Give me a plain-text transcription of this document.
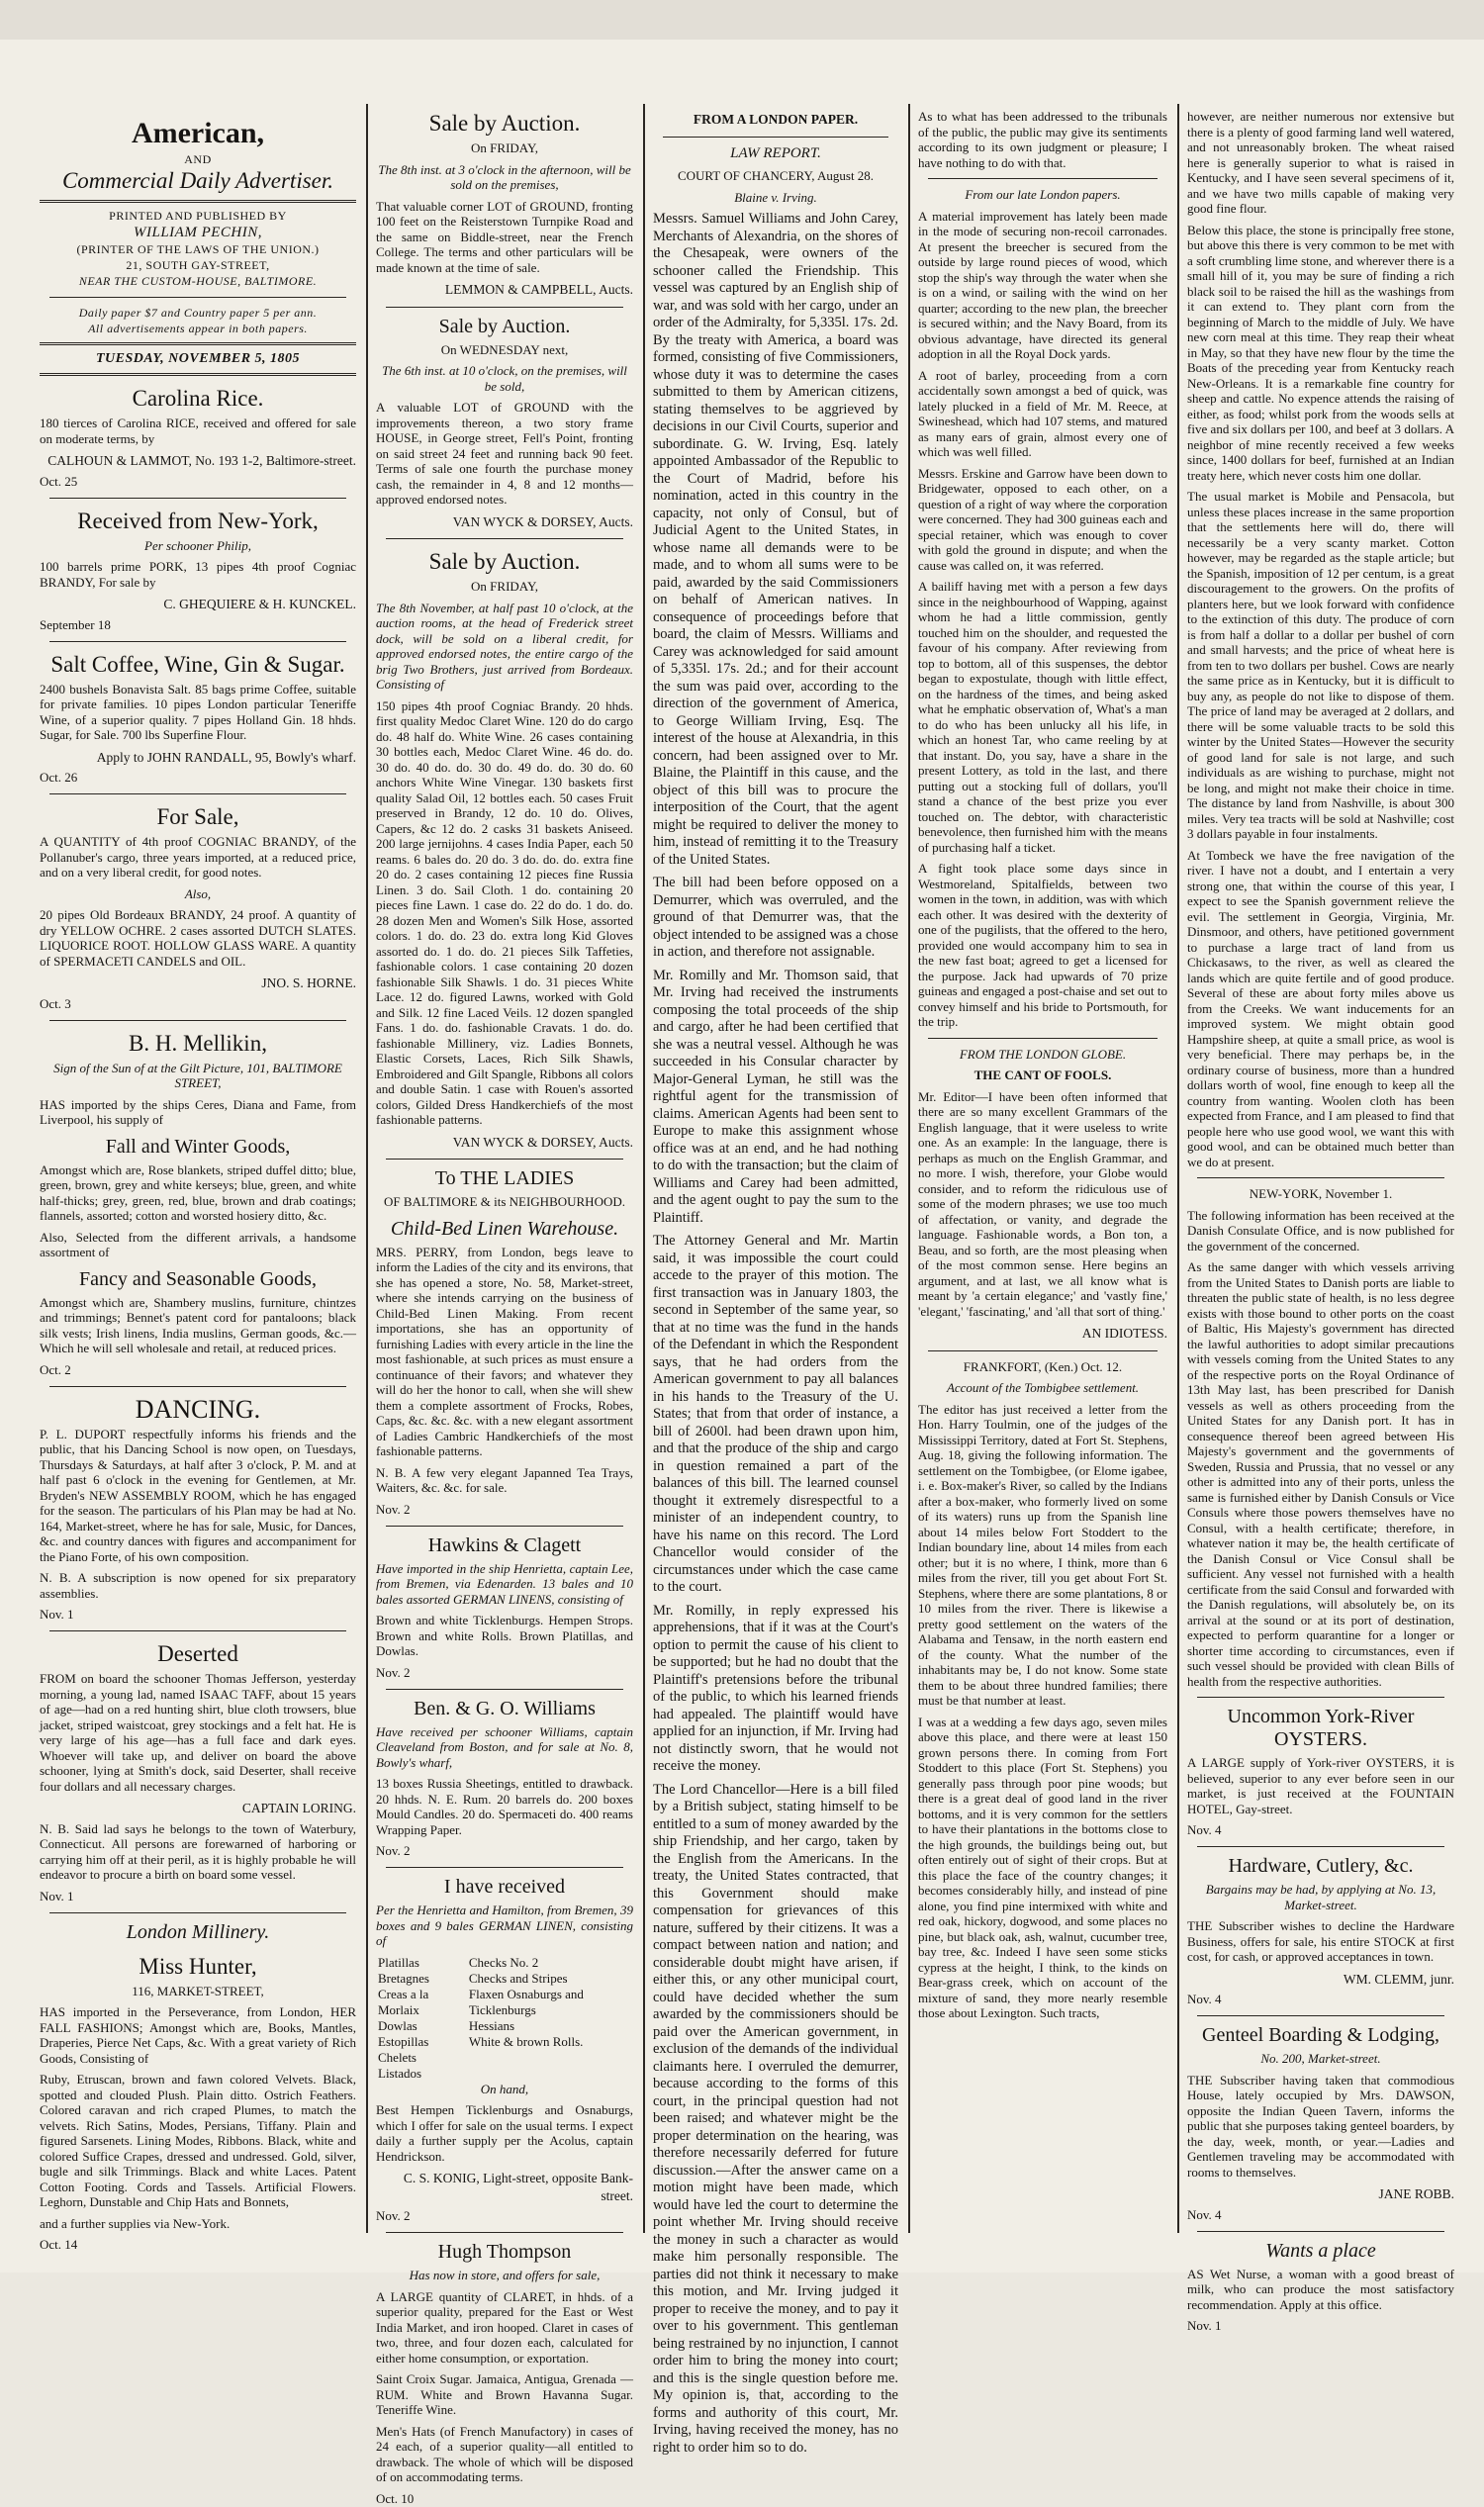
American,
AND
Commercial Daily Advertiser.
PRINTED AND PUBLISHED BY
WILLIAM PECHIN,
(PRINTER OF THE LAWS OF THE UNION.)
21, SOUTH GAY-STREET,
NEAR THE CUSTOM-HOUSE, BALTIMORE.
Daily paper $7 and Country paper 5 per ann.
All advertisements appear in both papers.
TUESDAY, NOVEMBER 5, 1805
Carolina Rice.

180 tierces of Carolina RICE, received and offered for sale on moderate terms, by

CALHOUN & LAMMOT, No. 193 1-2, Baltimore-street.

Oct. 25
Received from New-York,

Per schooner Philip,

100 barrels prime PORK, 13 pipes 4th proof Cogniac BRANDY, For sale by

C. GHEQUIERE & H. KUNCKEL.

September 18
Salt Coffee, Wine, Gin & Sugar.

2400 bushels Bonavista Salt. 85 bags prime Coffee, suitable for private families. 10 pipes London particular Teneriffe Wine, of a superior quality. 7 pipes Holland Gin. 18 hhds. Sugar, for Sale. 700 lbs Superfine Flour.

Apply to JOHN RANDALL, 95, Bowly's wharf.

Oct. 26
For Sale,

A QUANTITY of 4th proof COGNIAC BRANDY, of the Pollanuber's cargo, three years imported, at a reduced price, and on a very liberal credit, for good notes.

Also,

20 pipes Old Bordeaux BRANDY, 24 proof. A quantity of dry YELLOW OCHRE. 2 cases assorted DUTCH SLATES. LIQUORICE ROOT. HOLLOW GLASS WARE. A quantity of SPERMACETI CANDELS and OIL.

JNO. S. HORNE.

Oct. 3
B. H. Mellikin,

Sign of the Sun of at the Gilt Picture, 101, BALTIMORE STREET,

HAS imported by the ships Ceres, Diana and Fame, from Liverpool, his supply of

Fall and Winter Goods,

Amongst which are, Rose blankets, striped duffel ditto; blue, green, brown, grey and white kerseys; blue, green, and white half-thicks; grey, green, red, blue, brown and drab coatings; flannels, assorted; cotton and worsted hosiery ditto, &c.

Also, Selected from the different arrivals, a handsome assortment of

Fancy and Seasonable Goods,

Amongst which are, Shambery muslins, furniture, chintzes and trimmings; Bennet's patent cord for pantaloons; black silk vests; Irish linens, India muslins, German goods, &c.—Which he will sell wholesale and retail, at reduced prices.

Oct. 2
DANCING.

P. L. DUPORT respectfully informs his friends and the public, that his Dancing School is now open, on Tuesdays, Thursdays & Saturdays, at half after 3 o'clock, P. M. and at half past 6 o'clock in the evening for Gentlemen, at Mr. Bryden's NEW ASSEMBLY ROOM, which he has engaged for the season. The particulars of his Plan may be had at No. 164, Market-street, where he has for sale, Music, for Dances, &c. and country dances with figures and accompaniment for the Piano Forte, of his own composition.

N. B. A subscription is now opened for six preparatory assemblies.

Nov. 1
Deserted

FROM on board the schooner Thomas Jefferson, yesterday morning, a young lad, named ISAAC TAFF, about 15 years of age—had on a red hunting shirt, blue cloth trowsers, blue jacket, striped waistcoat, grey stockings and a felt hat. He is very large of his age—has a full face and dark eyes. Whoever will take up, and deliver on board the above schooner, lying at Smith's dock, said Deserter, shall receive four dollars and all necessary charges.

CAPTAIN LORING.

N. B. Said lad says he belongs to the town of Waterbury, Connecticut. All persons are forewarned of harboring or carrying him off at their peril, as it is highly probable he will endeavor to procure a birth on board some vessel.

Nov. 1
London Millinery.
Miss Hunter,

116, MARKET-STREET,

HAS imported in the Perseverance, from London, HER FALL FASHIONS; Amongst which are, Books, Mantles, Draperies, Pierce Net Caps, &c. With a great variety of Rich Goods, Consisting of

Ruby, Etruscan, brown and fawn colored Velvets. Black, spotted and clouded Plush. Plain ditto. Ostrich Feathers. Colored caravan and rich craped Plumes, to match the velvets. Rich Satins, Modes, Persians, Tiffany. Plain and figured Sarsenets. Lining Modes, Ribbons. Black, white and colored Suffice Crapes, dressed and undressed. Gold, silver, bugle and silk Trimmings. Black and white Laces. Patent Cotton Footing. Cords and Tassels. Artificial Flowers. Leghorn, Dunstable and Chip Hats and Bonnets,

and a further supplies via New-York.

Oct. 14
Sale by Auction.

On FRIDAY,

The 8th inst. at 3 o'clock in the afternoon, will be sold on the premises,

That valuable corner LOT of GROUND, fronting 100 feet on the Reisterstown Turnpike Road and the same on Biddle-street, near the French College. The terms and other particulars will be made known at the time of sale.

LEMMON & CAMPBELL, Aucts.

Sale by Auction.

On WEDNESDAY next,

The 6th inst. at 10 o'clock, on the premises, will be sold,

A valuable LOT of GROUND with the improvements thereon, a two story frame HOUSE, in George street, Fell's Point, fronting on said street 24 feet and running back 90 feet. Terms of sale one fourth the purchase money cash, the remainder in 4, 8 and 12 months—approved endorsed notes.

VAN WYCK & DORSEY, Aucts.

Sale by Auction.

On FRIDAY,

The 8th November, at half past 10 o'clock, at the auction rooms, at the head of Frederick street dock, will be sold on a liberal credit, for approved endorsed notes, the entire cargo of the brig Two Brothers, just arrived from Bordeaux. Consisting of

150 pipes 4th proof Cogniac Brandy. 20 hhds. first quality Medoc Claret Wine. 120 do do cargo do. 48 half do. White Wine. 26 cases containing 30 bottles each, Medoc Claret Wine. 46 do. do. 30 do. 40 do. do. 30 do. 49 do. do. 30 do. 60 anchors White Wine Vinegar. 130 baskets first quality Salad Oil, 12 bottles each. 50 cases Fruit preserved in Brandy, 12 do. 10 do. Olives, Capers, &c 12 do. 2 casks 31 baskets Aniseed. 200 large jernijohns. 4 cases India Paper, each 50 reams. 6 bales do. 20 do. 3 do. do. do. extra fine 20 do. 2 cases containing 12 pieces fine Russia Linen. 3 do. Sail Cloth. 1 do. containing 20 pieces fine Lawn. 1 case do. 22 do do. 1 do. do. 28 dozen Men and Women's Silk Hose, assorted colors. 1 do. do. 23 do. extra long Kid Gloves assorted do. 1 do. do. 21 pieces Silk Taffeties, fashionable colors. 1 case containing 20 dozen fashionable Silk Shawls. 1 do. 31 pieces White Lace. 12 do. figured Lawns, worked with Gold and Silk. 12 fine Laced Veils. 12 dozen spangled Fans. 1 do. do. fashionable Cravats. 1 do. do. fashionable Millinery, viz. Ladies Bonnets, Elastic Corsets, Laces, Rich Silk Shawls, Embroidered and Gilt Spangle, Ribbons all colors and double Satin. 1 case with Rouen's assorted colors, Gilded Dress Handkerchiefs of the most fashionable patterns.

VAN WYCK & DORSEY, Aucts.

To THE LADIES

OF BALTIMORE & its NEIGHBOURHOOD.

Child-Bed Linen Warehouse.

MRS. PERRY, from London, begs leave to inform the Ladies of the city and its environs, that she has opened a store, No. 58, Market-street, where she intends carrying on the business of Child-Bed Linen Making. From recent importations, she has an opportunity of furnishing Ladies with every article in the line the most fashionable, at such prices as must ensure a continuance of their favors; and whatever they will do her the honor to call, when she will shew them a complete assortment of Frocks, Robes, Caps, &c. &c. &c. with a new elegant assortment of Ladies Cambric Handkerchiefs of the most fashionable patterns.

N. B. A few very elegant Japanned Tea Trays, Waiters, &c. &c. for sale.

Nov. 2
Hawkins & Clagett

Have imported in the ship Henrietta, captain Lee, from Bremen, via Edenarden. 13 bales and 10 bales assorted GERMAN LINENS, consisting of

Brown and white Ticklenburgs. Hempen Strops. Brown and white Rolls. Brown Platillas, and Dowlas.

Nov. 2
Ben. & G. O. Williams

Have received per schooner Williams, captain Cleaveland from Boston, and for sale at No. 8, Bowly's wharf,

13 boxes Russia Sheetings, entitled to drawback. 20 hhds. N. E. Rum. 20 barrels do. 200 boxes Mould Candles. 20 do. Spermaceti do. 400 reams Wrapping Paper.

Nov. 2
I have received

Per the Henrietta and Hamilton, from Bremen, 39 boxes and 9 bales GERMAN LINEN, consisting of

Platillas	Checks No. 2
Bretagnes	Checks and Stripes
Creas a la Morlaix	Flaxen Osnaburgs and Ticklenburgs
Dowlas	Hessians
Estopillas	White & brown Rolls.
Chelets	
Listados	

On hand,

Best Hempen Ticklenburgs and Osnaburgs, which I offer for sale on the usual terms. I expect daily a further supply per the Acolus, captain Hendrickson.

C. S. KONIG, Light-street, opposite Bank-street.

Nov. 2
Hugh Thompson

Has now in store, and offers for sale,

A LARGE quantity of CLARET, in hhds. of a superior quality, prepared for the East or West India Market, and iron hooped. Claret in cases of two, three, and four dozen each, calculated for either home consumption, or exportation.

Saint Croix Sugar. Jamaica, Antigua, Grenada — RUM. White and Brown Havanna Sugar. Teneriffe Wine.

Men's Hats (of French Manufactory) in cases of 24 each, of a superior quality—all entitled to drawback. The whole of which will be disposed of on accommodating terms.

Oct. 10

FROM A LONDON PAPER.

LAW REPORT.

COURT OF CHANCERY, August 28.

Blaine v. Irving.

Messrs. Samuel Williams and John Carey, Merchants of Alexandria, on the shores of the Chesapeak, were owners of the schooner called the Friendship. This vessel was captured by an English ship of war, and was sold with her cargo, under an order of the Admiralty, for 5,335l. 17s. 2d. By the treaty with America, a board was formed, consisting of five Commissioners, whose duty it was to determine the cases submitted to them by American citizens, stating themselves to be aggrieved by decisions in our Civil Courts, superior and subordinate. G. W. Irving, Esq. lately appointed Ambassador of the Republic to the Court of Madrid, before his nomination, acted in this country in the capacity, not only of Consul, but of Judicial Agent to the United States, in whose name all demands were to be made, and to whom all sums were to be paid, awarded by the said Commissioners on behalf of American natives. In consequence of proceedings before that board, the claim of Messrs. Williams and Carey was acknowledged for said amount of 5,335l. 17s. 2d.; and for their account the sum was paid over, according to the direction of the government of America, to George William Irving, Esq. The interest of the house at Alexandria, in this concern, had been assigned over to Mr. Blaine, the Plaintiff in this cause, and the object of this bill was to procure the interposition of the Court, that the agent might be required to deliver the money to him, instead of remitting it to the Treasury of the United States.

The bill had been before opposed on a Demurrer, which was overruled, and the ground of that Demurrer was, that the object intended to be assigned was a chose in action, and therefore not assignable.

Mr. Romilly and Mr. Thomson said, that Mr. Irving had received the instruments composing the total proceeds of the ship and cargo, after he had been certified that she was a neutral vessel. Although he was succeeded in his Consular character by Major-General Lyman, he still was the rightful agent for the transmission of claims. American Agents had been sent to Europe to make this assignment whose office was at an end, and he had nothing to do with the transaction; but the claim of Williams and Carey had been admitted, and the agent ought to pay the sum to the Plaintiff.

The Attorney General and Mr. Martin said, it was impossible the court could accede to the prayer of this motion. The first transaction was in January 1803, the second in September of the same year, so that at no time was the fund in the hands of the Defendant in which the Respondent says, that he had orders from the American government to pay all balances in his hands to the Treasury of the U. States; that from that order of instance, a bill of 2600l. had been drawn upon him, and that the produce of the ship and cargo in question remained a part of the balances of this bill. The learned counsel thought it extremely disrespectful to a minister of an independent country, to have his name on this record. The Lord Chancellor would consider of the circumstances under which the case came to the court.

Mr. Romilly, in reply expressed his apprehensions, that if it was at the Court's option to permit the cause of his client to be supported; but he had no doubt that the Plaintiff's pretensions before the tribunal of the public, to which his learned friends had appealed. The plaintiff would have applied for an injunction, if Mr. Irving had not distinctly sworn, that he would not receive the money.

The Lord Chancellor—Here is a bill filed by a British subject, stating himself to be entitled to a sum of money awarded by the ship Friendship, and her cargo, taken by the English from the Americans. In the treaty, the United States contracted, that this Government should make compensation for grievances of this nature, suffered by their citizens. It was a compact between nation and nation; and considerable doubt might have arisen, if either this, or any other municipal court, could have decided whether the sum awarded by the commissioners should be paid over the American government, in exclusion of the demands of the individual claimants here. I overruled the demurrer, because according to the forms of this court, in the principal question had not been raised; and whatever might be the proper determination on the hearing, was therefore necessarily deferred for future discussion.—After the answer came on a motion might have been made, which would have led the court to determine the point whether Mr. Irving should receive the money in such a character as would make him personally responsible. The parties did not think it necessary to make this motion, and Mr. Irving judged it proper to receive the money, and to pay it over to his government. This gentleman being restrained by no injunction, I cannot order him to bring the money into court; and this is the single question before me. My opinion is, that, according to the forms and authority of this court, Mr. Irving, having received the money, has no right to order him so to do.

As to what has been addressed to the tribunals of the public, the public may give its sentiments according to its own judgment or pleasure; I have nothing to do with that.

From our late London papers.

A material improvement has lately been made in the mode of securing non-recoil carronades. At present the breecher is secured from the outside by large round pieces of wood, which stop the ship's way through the water when she is on a wind, or sailing with the wind on her quarter; according to the new plan, the breecher is secured within; and the Navy Board, from its obvious advantage, have directed its general adoption in all the Royal Dock yards.

A root of barley, proceeding from a corn accidentally sown amongst a bed of quick, was lately plucked in a field of Mr. M. Reece, at Swineshead, which had 107 stems, and matured as many ears of grain, almost every one of which was well filled.

Messrs. Erskine and Garrow have been down to Bridgewater, opposed to each other, on a question of a right of way where the corporation were concerned. They had 300 guineas each and special retainer, which was enough to cover with gold the ground in dispute; and when the cause was called on, it was referred.

A bailiff having met with a person a few days since in the neighbourhood of Wapping, against whom he had a little commission, gently touched him on the shoulder, and requested the favour of his company. After reviewing from top to bottom, all of this suspenses, the debtor began to expostulate, though with little effect, on the hardness of the times, and being asked what he emphatic observation of, What's a man to do who has been unlucky all his life, in which an honest Tar, who came reeling by at that instant. Do, you say, have a share in the present Lottery, as told in the last, and there putting out a stocking full of dollars, you'll stand a chance of the best prize you ever touched on. The debtor, with characteristic benevolence, then furnished him with the means of purchasing half a ticket.

A fight took place some days since in Westmoreland, Spitalfields, between two women in the town, in addition, was with which each other. It was desired with the dexterity of one of the pugilists, that the offered to the hero, provided one would accompany him to sea in the new fast boat; agreed to get a licensed for the purpose. Jack had upwards of 70 prize guineas and engaged a post-chaise and set out to convey himself and his bride to Portsmouth, for the trip.

FROM THE LONDON GLOBE.

THE CANT OF FOOLS.

Mr. Editor—I have been often informed that there are so many excellent Grammars of the English language, that it were useless to write one. As an example: In the language, there is perhaps as much on the English Grammar, and no more. I wish, therefore, your Globe would consider, and to reform the ridiculous use of some of the modern phrases; we use too much of affectation, or vanity, and degrade the language. Fashionable words, a Bon ton, a Beau, and so forth, are the most pleasing when of the most common sense. Here begins an argument, and at last, we all know what is meant by 'a certain elegance;' and 'vastly fine,' 'elegant,' 'fascinating,' and 'all that sort of thing.'

AN IDIOTESS.

FRANKFORT, (Ken.) Oct. 12.

Account of the Tombigbee settlement.

The editor has just received a letter from the Hon. Harry Toulmin, one of the judges of the Mississippi Territory, dated at Fort St. Stephens, Aug. 18, giving the following information. The settlement on the Tombigbee, (or Elome igabee, i. e. Box-maker's River, so called by the Indians after a box-maker, who formerly lived on some of its waters) runs up from the Spanish line about 14 miles below Fort Stoddert to the Indian boundary line, about 14 miles from each other; but it is no where, I think, more than 6 miles from the river, till you get about Fort St. Stephens, where there are some plantations, 8 or 10 miles from the river. There is likewise a pretty good settlement on the waters of the Alabama and Tensaw, in the north eastern end of the county. What the number of the inhabitants may be, I do not know. Some state them to be about three hundred families; there must be that number at least.

I was at a wedding a few days ago, seven miles above this place, and there were at least 150 grown persons there. In coming from Fort Stoddert to this place (Fort St. Stephens) you generally pass through poor pine woods; but there is a great deal of good land in the river bottoms, and it is very common for the settlers to have their plantations in the bottoms close to the high grounds, the buildings being out, but often entirely out of sight of their crops. But at this place the face of the country changes; it becomes considerably hilly, and instead of pine alone, you find pine intermixed with white and red oak, hickory, dogwood, and some places no pine, but black oak, ash, walnut, cucumber tree, bay tree, &c. Indeed I have seen some sticks cypress at the height, I think, to the kinds on Bear-grass creek, which on account of the mixture of sand, they more nearly resemble those about Lexington. Such tracts,

however, are neither numerous nor extensive but there is a plenty of good farming land well watered, and not unreasonably broken. The wheat raised here is generally superior to what is raised in Kentucky, and I have seen several specimens of it, and we have two mills capable of making very good fine flour.

Below this place, the stone is principally free stone, but above this there is very common to be met with a soft crumbling lime stone, and wherever there is a small hill of it, you may be sure of finding a rich black soil to be raised the hill as the washings from it can extend to. They plant corn from the beginning of March to the middle of July. We have new corn meal at this time. They reap their wheat in May, so that they have new flour by the time the Boats of the preceding year from Kentucky reach New-Orleans. It is a remarkable fine country for sheep and cattle. No expence attends the raising of either, as food; whilst pork from the woods sells at five and six dollars per 100, and beef at 3 dollars. A neighbor of mine recently received a few weeks since, 1400 dollars for beef, furnished at an Indian treaty here, which never costs him one dollar.

The usual market is Mobile and Pensacola, but unless these places increase in the same proportion that the settlements here will do, there will necessarily be a very scanty market. Cotton however, may be regarded as the staple article; but the Spanish, imposition of 12 per centum, is a great discouragement to the growers. On the profits of planters here, but we look forward with confidence to the extinction of this duty. The produce of corn is from half a dollar to a dollar per bushel of corn and small harvests; and the price of wheat here is from ten to two dollars per bushel. Cows are nearly the same price as in Kentucky, but it is difficult to buy any, as people do not like to dispose of them. The price of land may be averaged at 2 dollars, and there will be some valuable tracts to be sold this winter by the United States—However the security of good land for sale is not large, and such individuals as are wishing to purchase, might not be long, and might not make their choice in time. The distance by land from Nashville, is about 300 miles. Very tea tracts will be sold at Nashville; cost 3 dollars payable in four instalments.

At Tombeck we have the free navigation of the river. I have not a doubt, and I entertain a very strong one, that within the course of this year, I expect to see the Spanish government relieve the evil. The settlement in Georgia, Virginia, Mr. Dinsmoor, and others, have petitioned government to purchase a large tract of land from us Chickasaws, to the river, as well as cleared the lands which are quite fertile and of good produce. Several of these are about forty miles above us from the Creeks. We want inducements for an improved system. We might obtain good Hampshire sheep, at quite a small price, as wool is very beneficial. There may perhaps be, in the ordinary course of business, more than a hundred dollars worth of wool, fine enough to keep all the country from wanting. Woolen cloth has been expected from France, and I am pleased to find that people here who use good wool, we want this with good wool, and can be obtained much better than we do at present.

NEW-YORK, November 1.

The following information has been received at the Danish Consulate Office, and is now published for the government of the concerned.

As the same danger with which vessels arriving from the United States to Danish ports are liable to threaten the public state of health, is no less degree exists with those bound to other ports on the coast of Baltic, His Majesty's government has directed the lawful authorities to adopt similar precautions with vessels coming from the United States to any of the respective ports on the Royal Ordinance of 13th May last, has been prescribed for Danish vessels as well as others proceeding from the United States for any Danish port. It has in consequence thereof been agreed between His Majesty's government and the governments of Sweden, Russia and Prussia, that no vessel or any other is admitted into any of their ports, unless the same is furnished either by Danish Consuls or Vice Consuls where those powers themselves have no Consul, with a health certificate; therefore, in whatever nation it may be, the health certificate of the Danish Consul or Vice Consul shall be sufficient. Any vessel not furnished with a health certificate from the said Consul and forwarded with the Danish regulations, will absolutely be, on its arrival at the sound or at its port of destination, expected to perform quarantine for a longer or shorter time according to circumstances, even if such vessel should be provided with clean Bills of health from the respective authorities.

Uncommon York-River OYSTERS.

A LARGE supply of York-river OYSTERS, it is believed, superior to any ever before seen in our market, is just received at the FOUNTAIN HOTEL, Gay-street.

Nov. 4
Hardware, Cutlery, &c.

Bargains may be had, by applying at No. 13, Market-street.

THE Subscriber wishes to decline the Hardware Business, offers for sale, his entire STOCK at first cost, for cash, or approved acceptances in town.

WM. CLEMM, junr.

Nov. 4
Genteel Boarding & Lodging,

No. 200, Market-street.

THE Subscriber having taken that commodious House, lately occupied by Mrs. DAWSON, opposite the Indian Queen Tavern, informs the public that she purposes taking genteel boarders, by the day, week, month, or year.—Ladies and Gentlemen traveling may be accommodated with rooms to themselves.

JANE ROBB.

Nov. 4
Wants a place

AS Wet Nurse, a woman with a good breast of milk, who can produce the most satisfactory recommendation. Apply at this office.

Nov. 1
